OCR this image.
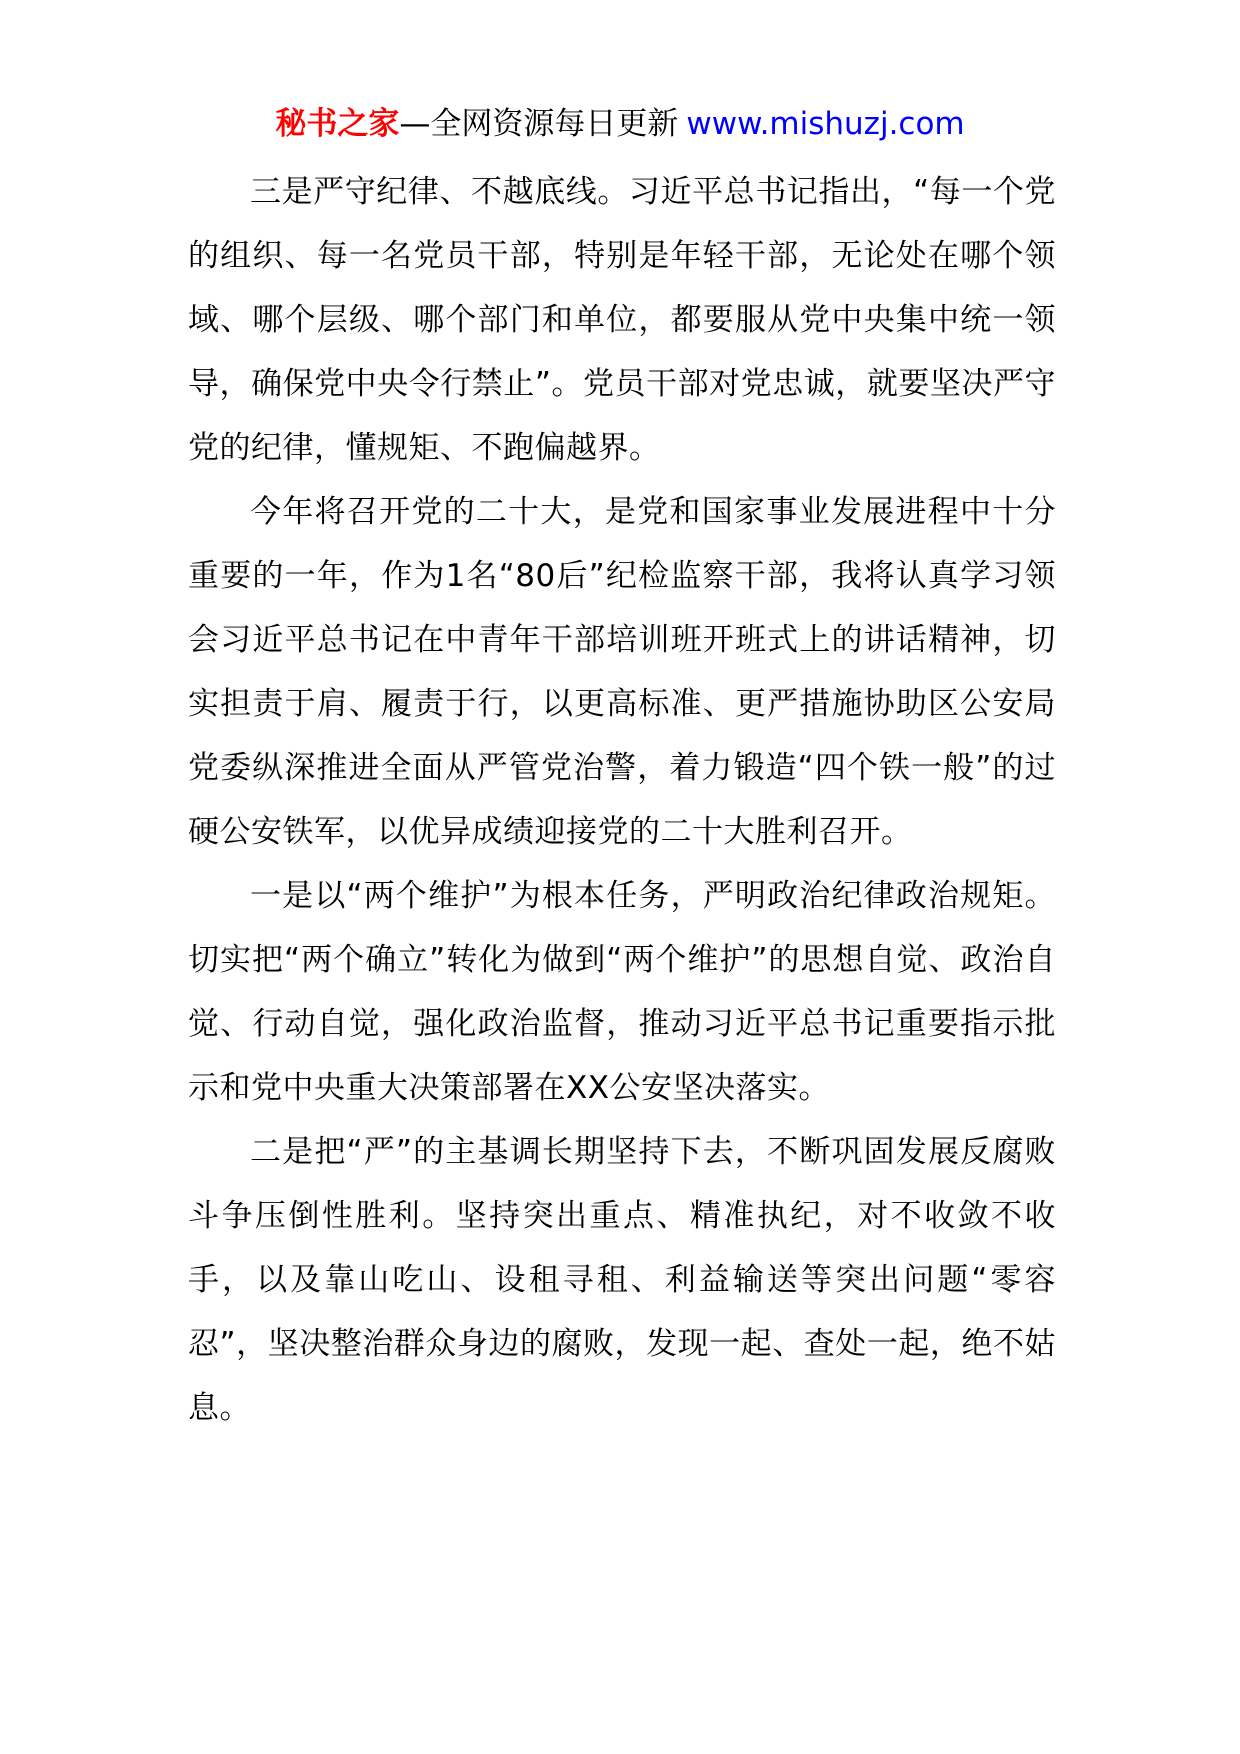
秘书之家—全网资源每日更新 www.mishuzj.com

三是严守纪律、不越底线。习近平总书记指出，“每一个党的组织、每一名党员干部，特别是年轻干部，无论处在哪个领域、哪个层级、哪个部门和单位，都要服从党中央集中统一领导，确保党中央令行禁止”。党员干部对党忠诚，就要坚决严守党的纪律，懂规矩、不跑偏越界。

今年将召开党的二十大，是党和国家事业发展进程中十分重要的一年，作为1名“80后”纪检监察干部，我将认真学习领会习近平总书记在中青年干部培训班开班式上的讲话精神，切实担责于肩、履责于行，以更高标准、更严措施协助区公安局党委纵深推进全面从严管党治警，着力锻造“四个铁一般”的过硬公安铁军，以优异成绩迎接党的二十大胜利召开。

一是以“两个维护”为根本任务，严明政治纪律政治规矩。切实把“两个确立”转化为做到“两个维护”的思想自觉、政治自觉、行动自觉，强化政治监督，推动习近平总书记重要指示批示和党中央重大决策部署在XX公安坚决落实。

二是把“严”的主基调长期坚持下去，不断巩固发展反腐败斗争压倒性胜利。坚持突出重点、精准执纪，对不收敛不收手，以及靠山吃山、设租寻租、利益输送等突出问题“零容忍”，坚决整治群众身边的腐败，发现一起、查处一起，绝不姑息。
